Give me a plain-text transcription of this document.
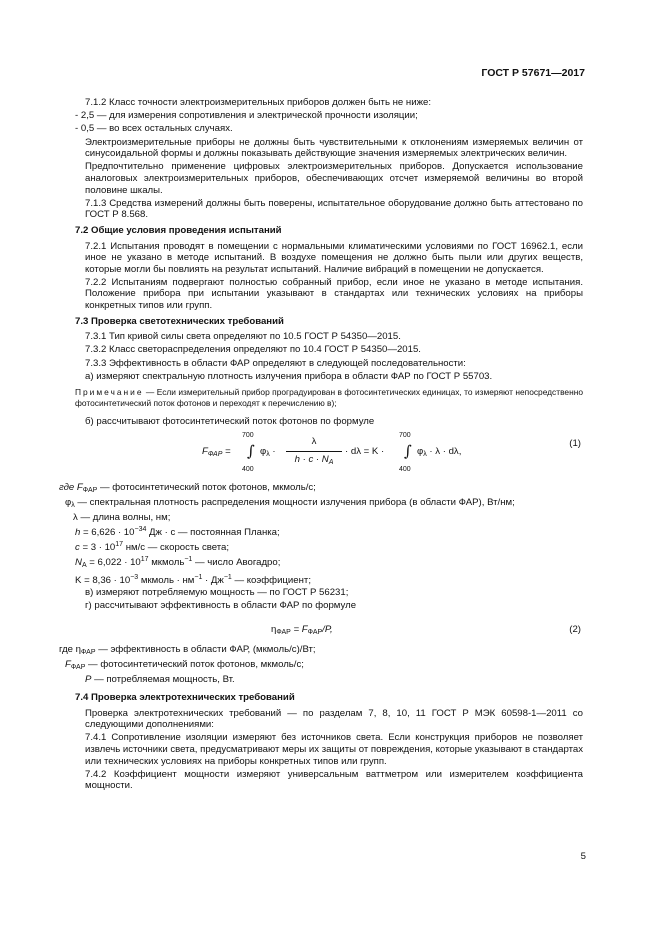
ГОСТ Р 57671—2017

7.1.2 Класс точности электроизмерительных приборов должен быть не ниже:

- 2,5 — для измерения сопротивления и электрической прочности изоляции;

- 0,5 — во всех остальных случаях.

Электроизмерительные приборы не должны быть чувствительными к отклонениям измеряемых величин от синусоидальной формы и должны показывать действующие значения измеряемых электрических величин.

Предпочтительно применение цифровых электроизмерительных приборов. Допускается использование аналоговых электроизмерительных приборов, обеспечивающих отсчет измеряемой величины во второй половине шкалы.

7.1.3 Средства измерений должны быть поверены, испытательное оборудование должно быть аттестовано по ГОСТ Р 8.568.

7.2 Общие условия проведения испытаний

7.2.1 Испытания проводят в помещении с нормальными климатическими условиями по ГОСТ 16962.1, если иное не указано в методе испытаний. В воздухе помещения не должно быть пыли или других веществ, которые могли бы повлиять на результат испытаний. Наличие вибраций в помещении не допускается.

7.2.2 Испытаниям подвергают полностью собранный прибор, если иное не указано в методе испытания. Положение прибора при испытании указывают в стандартах или технических условиях на приборы конкретных типов или групп.

7.3 Проверка светотехнических требований

7.3.1 Тип кривой силы света определяют по 10.5 ГОСТ Р 54350—2015.

7.3.2 Класс светораспределения определяют по 10.4 ГОСТ Р 54350—2015.

7.3.3 Эффективность в области ФАР определяют в следующей последовательности:

а) измеряют спектральную плотность излучения прибора в области ФАР по ГОСТ Р 55703.

Примечание — Если измерительный прибор проградуирован в фотосинтетических единицах, то измеряют непосредственно фотосинтетический поток фотонов и переходят к перечислению в);

б) рассчитывают фотосинтетический поток фотонов по формуле

$F_{ФАР}$ =
700
∫
400
$\varphi_\lambda$ ·
λ
$h \cdot c \cdot N_A$
· dλ = K ·
700
∫
400
$\varphi_\lambda \cdot \lambda \cdot d\lambda$,
(1)

где $F_{ФАР}$ — фотосинтетический поток фотонов, мкмоль/с;

$\varphi_\lambda$ — спектральная плотность распределения мощности излучения прибора (в области ФАР), Вт/нм;

λ — длина волны, нм;

$h = 6,626 \cdot 10^{-34}$ Дж · с — постоянная Планка;

$c = 3 \cdot 10^{17}$ нм/с — скорость света;

$N_A = 6,022 \cdot 10^{17}$ мкмоль$^{-1}$ — число Авогадро;

$K = 8,36 \cdot 10^{-3}$ мкмоль · $нм^{-1} \cdot Дж^{-1}$ — коэффициент;

в) измеряют потребляемую мощность — по ГОСТ Р 56231;

г) рассчитывают эффективность в области ФАР по формуле

$\eta_{ФАР} = F_{ФАР}/P$,	(2)

где $\eta_{ФАР}$ — эффективность в области ФАР, (мкмоль/с)/Вт;

$F_{ФАР}$ — фотосинтетический поток фотонов, мкмоль/с;

P — потребляемая мощность, Вт.

7.4 Проверка электротехнических требований

Проверка электротехнических требований — по разделам 7, 8, 10, 11 ГОСТ Р МЭК 60598-1—2011 со следующими дополнениями:

7.4.1 Сопротивление изоляции измеряют без источников света. Если конструкция приборов не позволяет извлечь источники света, предусматривают меры их защиты от повреждения, которые указывают в стандартах или технических условиях на приборы конкретных типов или групп.

7.4.2 Коэффициент мощности измеряют универсальным ваттметром или измерителем коэффициента мощности.

5
